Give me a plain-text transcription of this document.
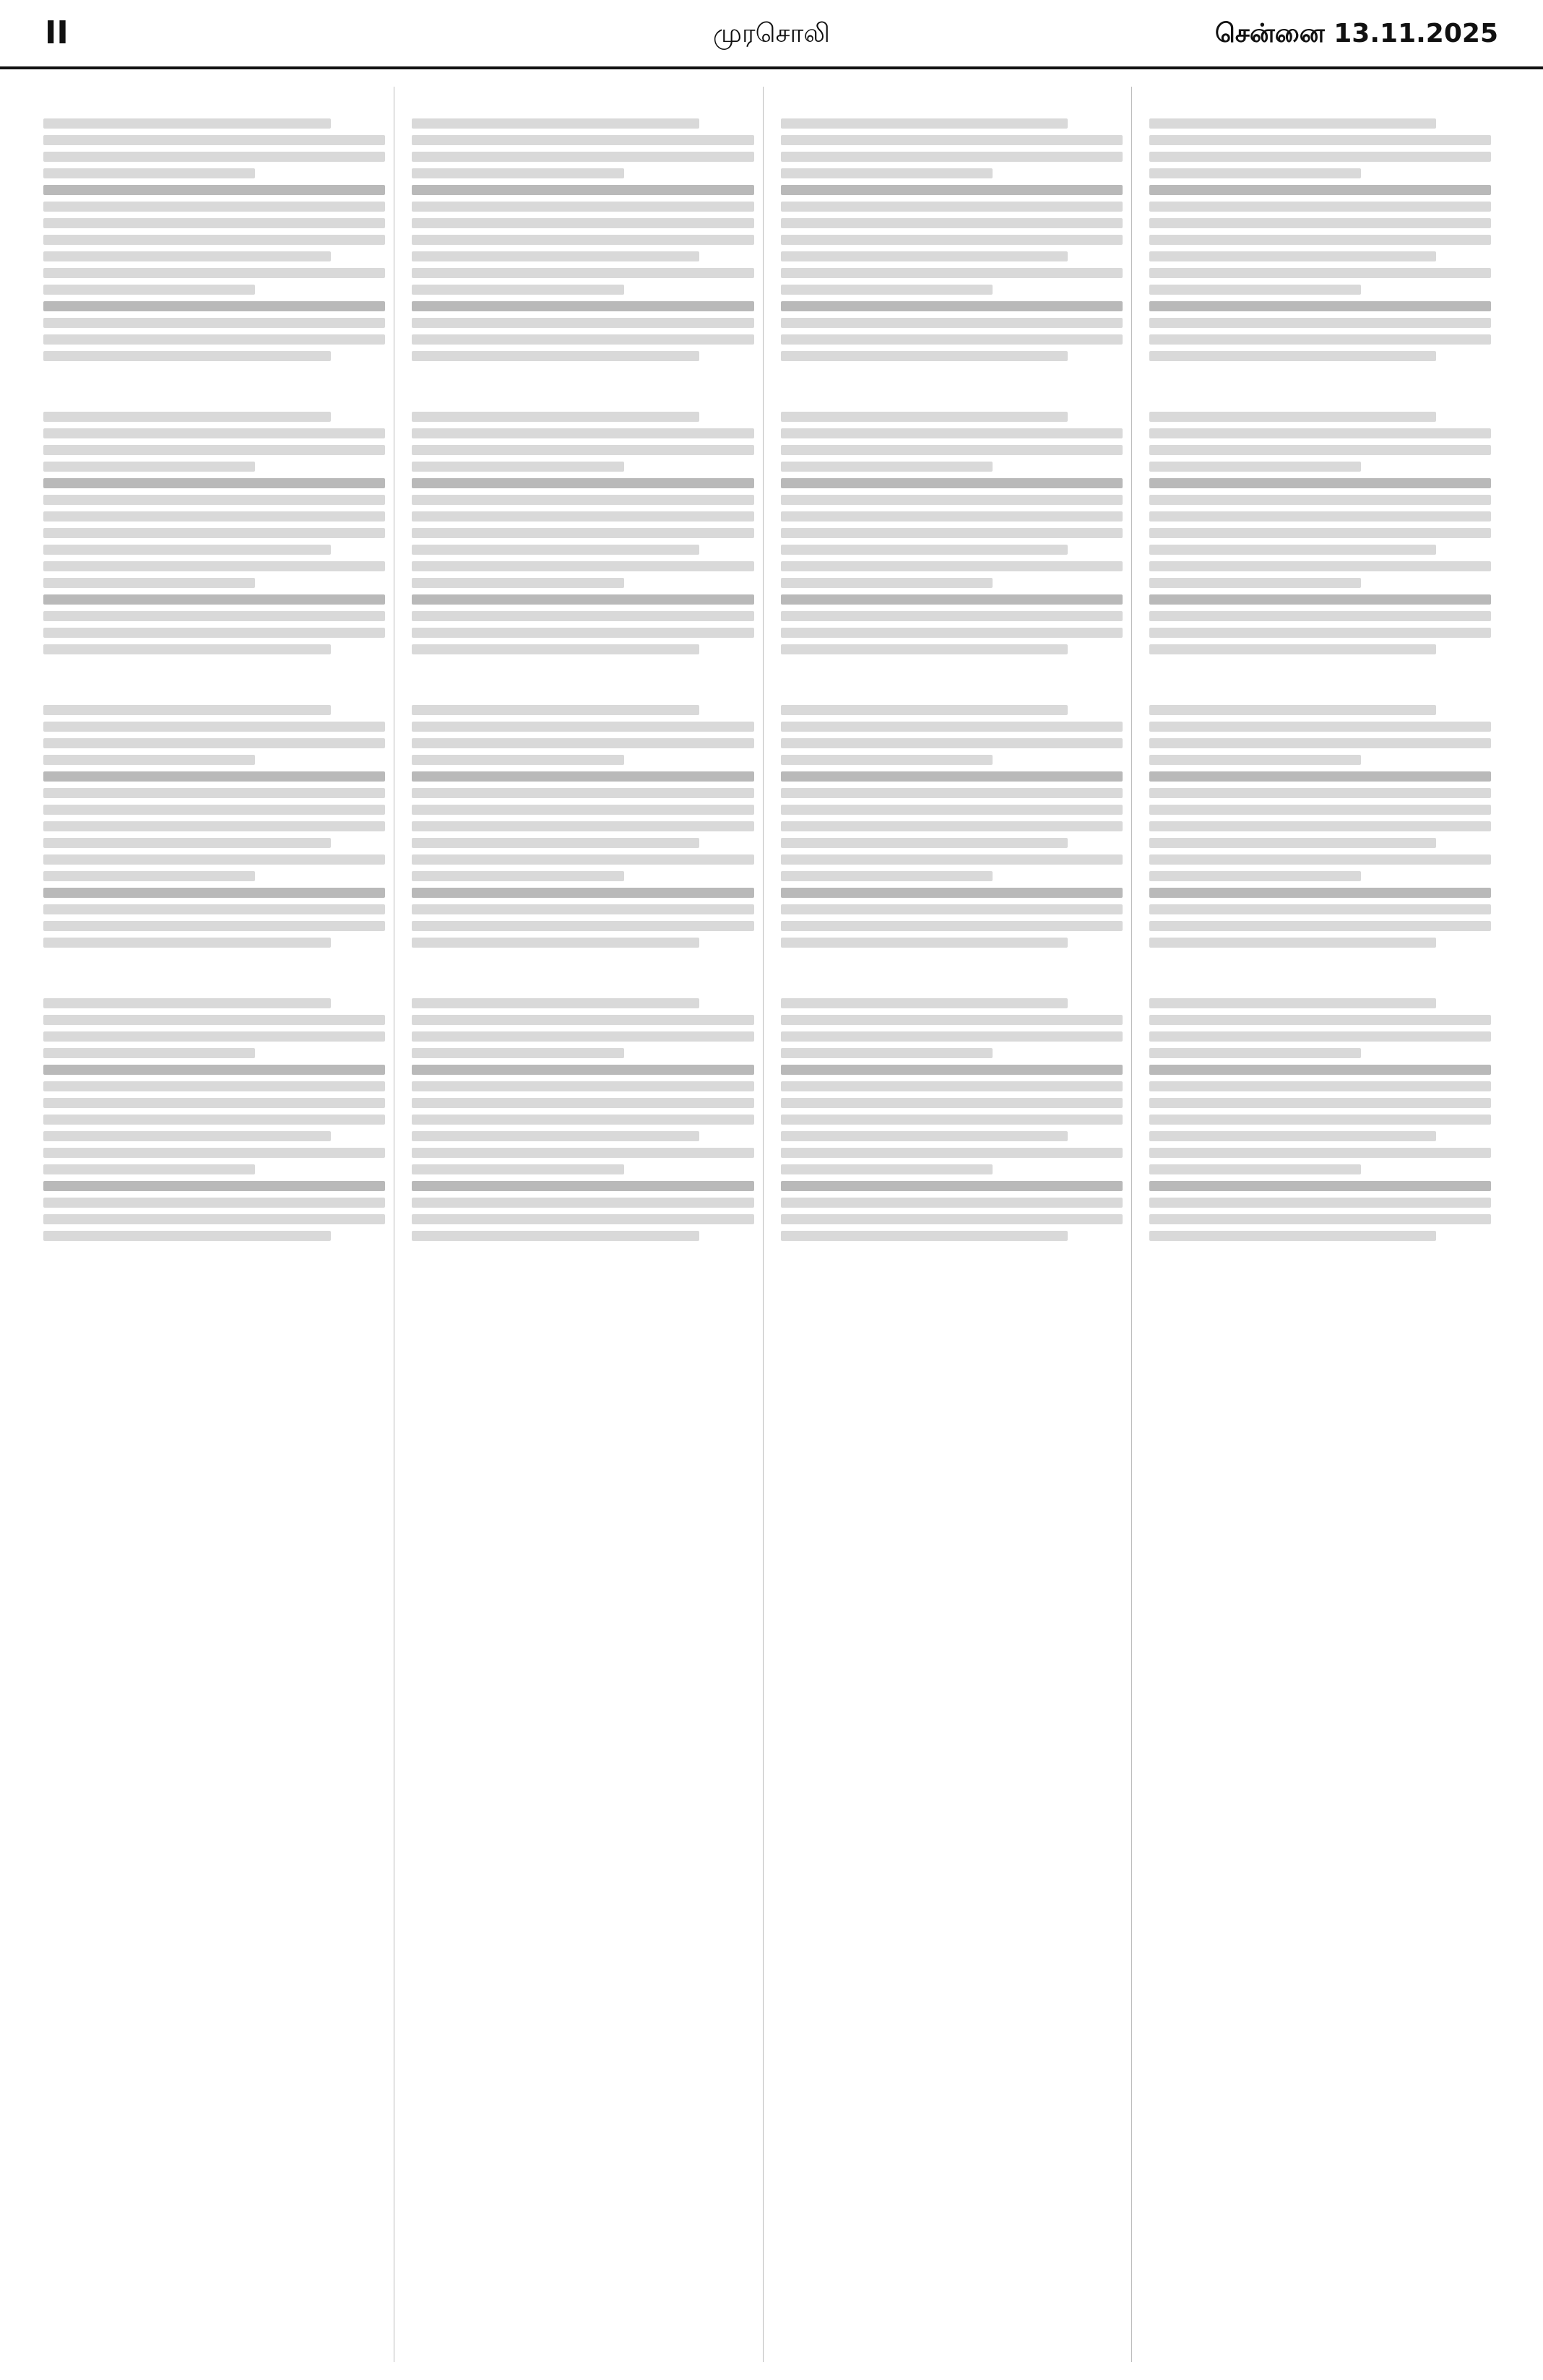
II	முரசொலி	சென்னை 13.11.2025
